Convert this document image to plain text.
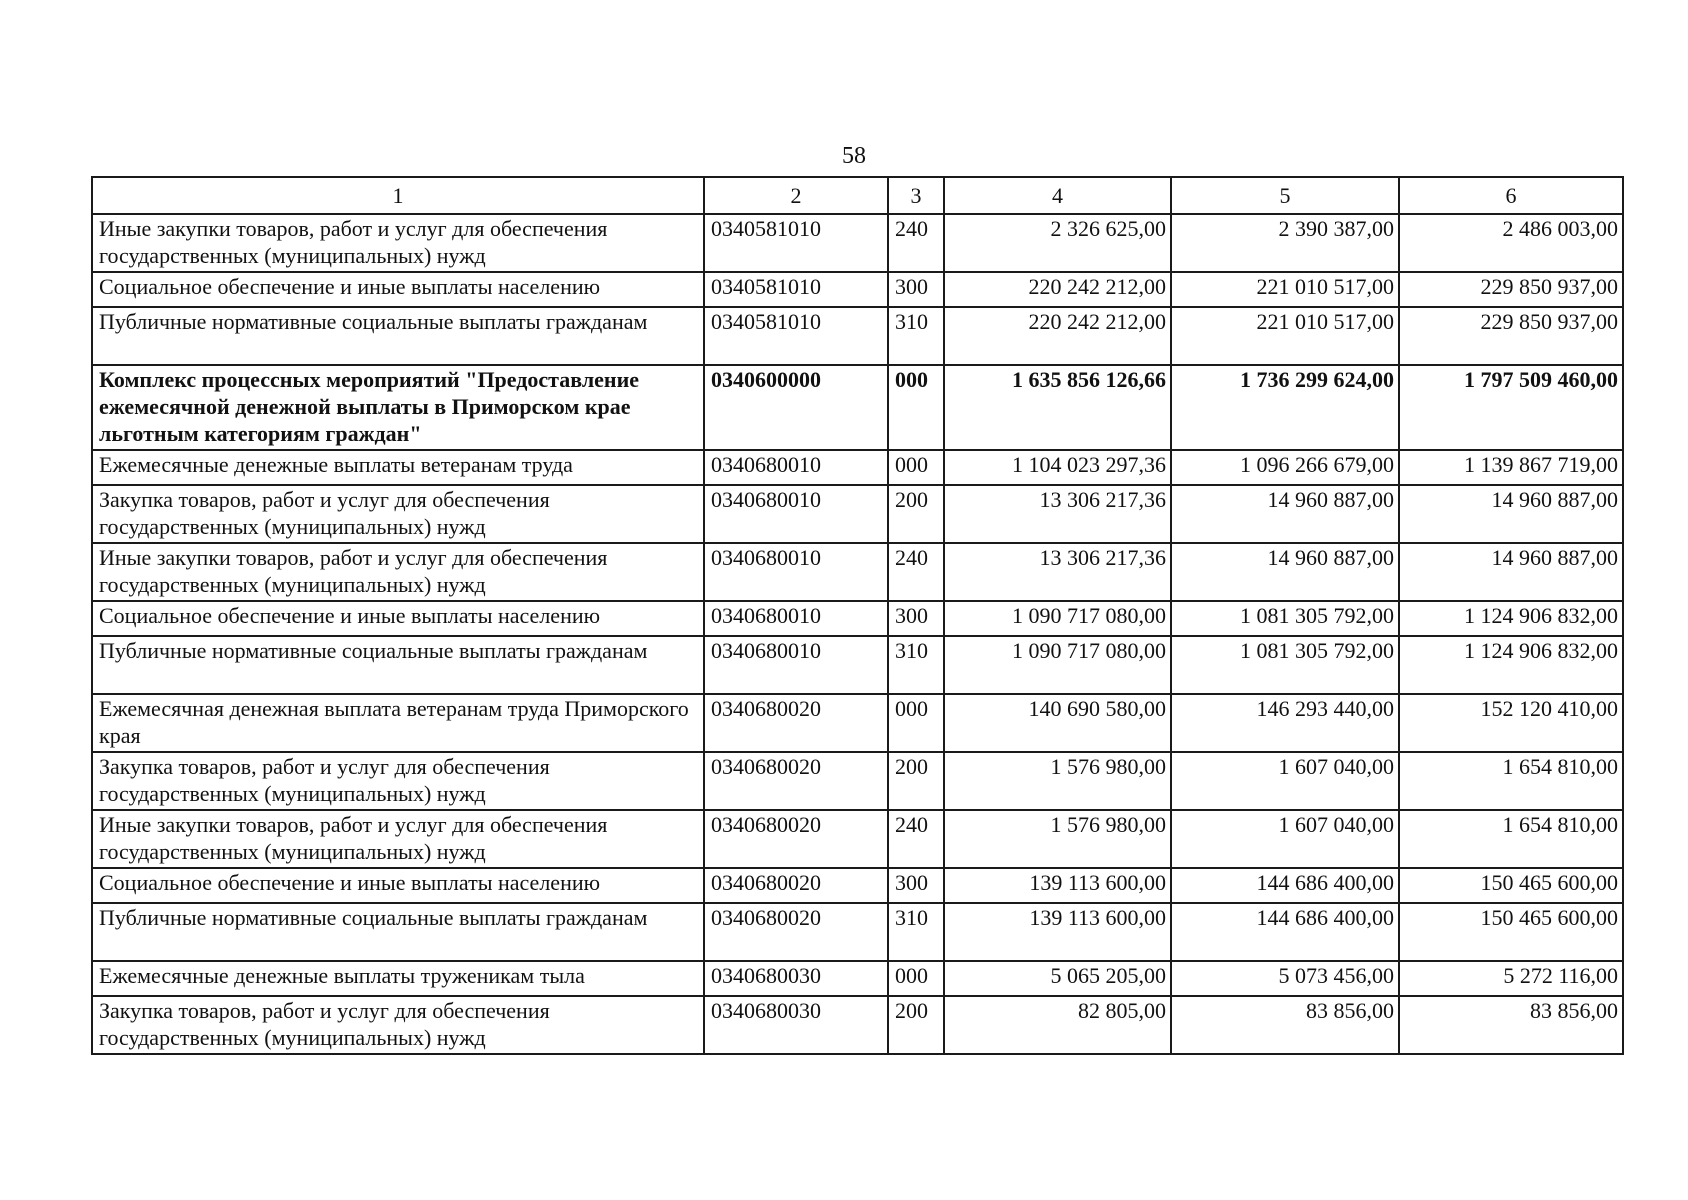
58
1	2	3	4	5	6
Иные закупки товаров, работ и услуг для обеспечения государственных (муниципальных) нужд	0340581010	240	2 326 625,00	2 390 387,00	2 486 003,00
Социальное обеспечение и иные выплаты населению	0340581010	300	220 242 212,00	221 010 517,00	229 850 937,00
Публичные нормативные социальные выплаты гражданам	0340581010	310	220 242 212,00	221 010 517,00	229 850 937,00
Комплекс процессных мероприятий "Предоставление ежемесячной денежной выплаты в Приморском крае льготным категориям граждан"	0340600000	000	1 635 856 126,66	1 736 299 624,00	1 797 509 460,00
Ежемесячные денежные выплаты ветеранам труда	0340680010	000	1 104 023 297,36	1 096 266 679,00	1 139 867 719,00
Закупка товаров, работ и услуг для обеспечения государственных (муниципальных) нужд	0340680010	200	13 306 217,36	14 960 887,00	14 960 887,00
Иные закупки товаров, работ и услуг для обеспечения государственных (муниципальных) нужд	0340680010	240	13 306 217,36	14 960 887,00	14 960 887,00
Социальное обеспечение и иные выплаты населению	0340680010	300	1 090 717 080,00	1 081 305 792,00	1 124 906 832,00
Публичные нормативные социальные выплаты гражданам	0340680010	310	1 090 717 080,00	1 081 305 792,00	1 124 906 832,00
Ежемесячная денежная выплата ветеранам труда Приморского края	0340680020	000	140 690 580,00	146 293 440,00	152 120 410,00
Закупка товаров, работ и услуг для обеспечения государственных (муниципальных) нужд	0340680020	200	1 576 980,00	1 607 040,00	1 654 810,00
Иные закупки товаров, работ и услуг для обеспечения государственных (муниципальных) нужд	0340680020	240	1 576 980,00	1 607 040,00	1 654 810,00
Социальное обеспечение и иные выплаты населению	0340680020	300	139 113 600,00	144 686 400,00	150 465 600,00
Публичные нормативные социальные выплаты гражданам	0340680020	310	139 113 600,00	144 686 400,00	150 465 600,00
Ежемесячные денежные выплаты труженикам тыла	0340680030	000	5 065 205,00	5 073 456,00	5 272 116,00
Закупка товаров, работ и услуг для обеспечения государственных (муниципальных) нужд	0340680030	200	82 805,00	83 856,00	83 856,00
